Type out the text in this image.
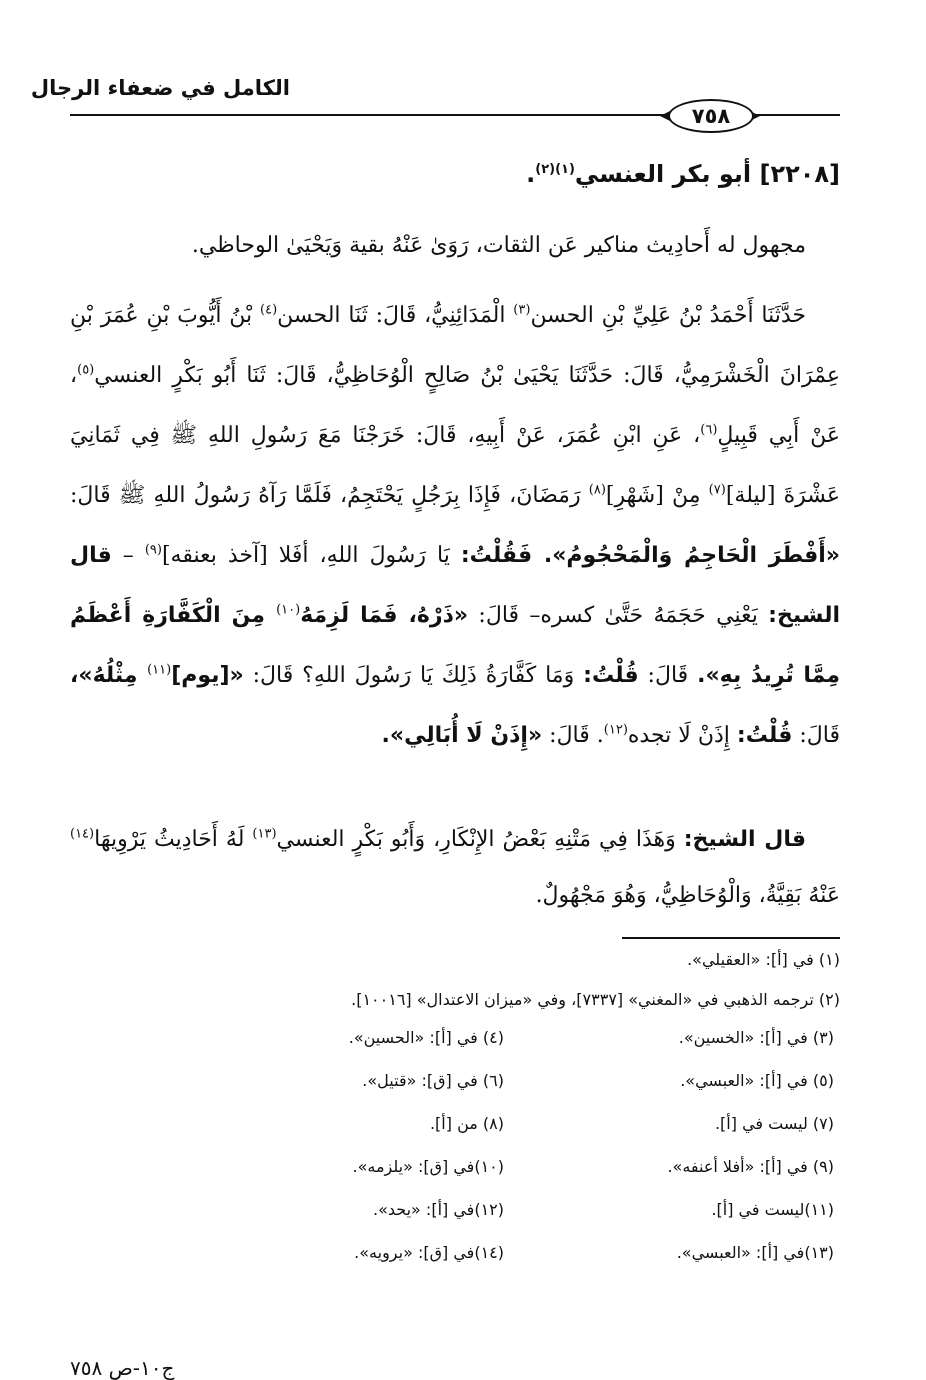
الكامل في ضعفاء الرجال
٧٥٨
[٢٢٠٨] أبو بكر العنسي$^{(١)(٢)}$.
مجهول له أَحادِيث مناكير عَن الثقات، رَوَىٰ عَنْهُ بقية وَيَحْيَىٰ الوحاظي.
حَدَّثَنَا أَحْمَدُ بْنُ عَلِيِّ بْنِ الحسن$^{(٣)}$ الْمَدَائِنِيُّ، قَالَ: ثَنَا الحسن$^{(٤)}$ بْنُ أَيُّوبَ بْنِ عُمَرَ بْنِ عِمْرَانَ الْخَشْرَمِيُّ، قَالَ: حَدَّثَنَا يَحْيَىٰ بْنُ صَالِحٍ الْوُحَاظِيُّ، قَالَ: ثَنَا أَبُو بَكْرٍ العنسي$^{(٥)}$، عَنْ أَبِي قَبِيلٍ$^{(٦)}$، عَنِ ابْنِ عُمَرَ، عَنْ أَبِيهِ، قَالَ: خَرَجْنَا مَعَ رَسُولِ اللهِ ﷺ فِي ثَمَانِيَ عَشْرَةَ [ليلة]$^{(٧)}$ مِنْ [شَهْرِ]$^{(٨)}$ رَمَضَانَ، فَإِذَا بِرَجُلٍ يَحْتَجِمُ، فَلَمَّا رَآهُ رَسُولُ اللهِ ﷺ قَالَ: «أَفْطَرَ الْحَاجِمُ وَالْمَحْجُومُ». فَقُلْتُ: يَا رَسُولَ اللهِ، أفَلا [آخذ بعنقه]$^{(٩)}$ – قال الشيخ: يَعْنِي حَجَمَهُ حَتَّىٰ كسره– قَالَ: «ذَرْهُ، فَمَا لَزِمَهُ$^{(١٠)}$ مِنَ الْكَفَّارَةِ أَعْظَمُ مِمَّا تُرِيدُ بِهِ». قَالَ: قُلْتُ: وَمَا كَفَّارَةُ ذَلِكَ يَا رَسُولَ اللهِ؟ قَالَ: «[يوم]$^{(١١)}$ مِثْلُهُ»، قَالَ: قُلْتُ: إِذَنْ لَا تجده$^{(١٢)}$. قَالَ: «إِذَنْ لَا أُبَالِي».
قال الشيخ: وَهَذَا فِي مَتْنِهِ بَعْضُ الإِنْكَارِ، وَأَبُو بَكْرٍ العنسي$^{(١٣)}$ لَهُ أَحَادِيثُ يَرْوِيهَا$^{(١٤)}$ عَنْهُ بَقِيَّةُ، وَالْوُحَاظِيُّ، وَهُوَ مَجْهُولٌ.
(١) في [أ]: «العقيلي».
(٢) ترجمه الذهبي في «المغني» [٧٣٣٧]، وفي «ميزان الاعتدال» [١٠٠١٦].
(٣) في [أ]: «الخسين».
(٤) في [أ]: «الحسين».
(٥) في [أ]: «العبسي».
(٦) في [ق]: «قتيل».
(٧) ليست في [أ].
(٨) من [أ].
(٩) في [أ]: «أفلا أعنفه».
(١٠)في [ق]: «يلزمه».
(١١)ليست في [أ].
(١٢)في [أ]: «يحد».
(١٣)في [أ]: «العبسي».
(١٤)في [ق]: «يرويه».
ج١٠-ص ٧٥٨
